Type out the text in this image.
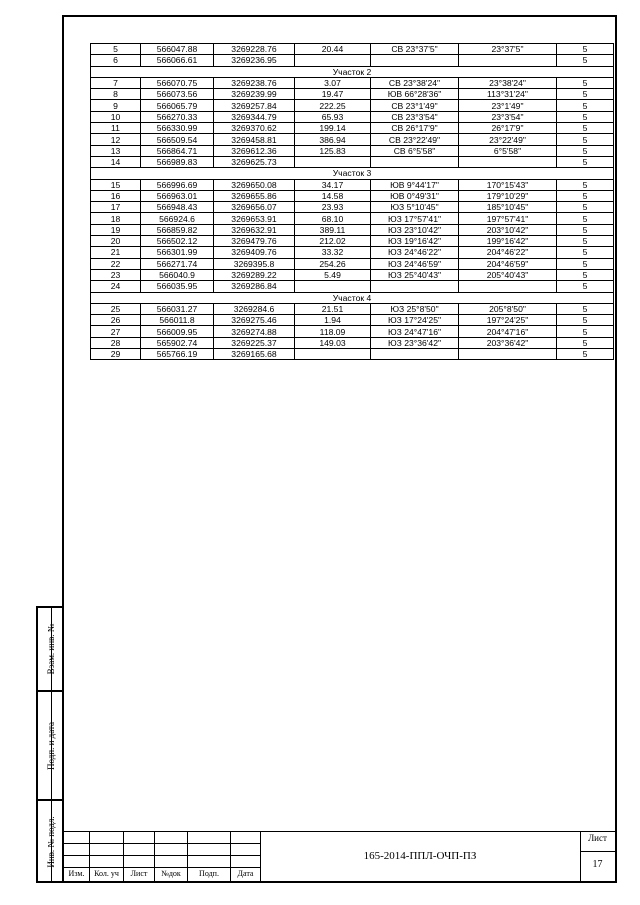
5	566047.88	3269228.76	20.44	СВ 23°37'5"	23°37'5"	5
6	566066.61	3269236.95				5
Участок 2						
7	566070.75	3269238.76	3.07	СВ 23°38'24"	23°38'24"	5
8	566073.56	3269239.99	19.47	ЮВ 66°28'36"	113°31'24"	5
9	566065.79	3269257.84	222.25	СВ 23°1'49"	23°1'49"	5
10	566270.33	3269344.79	65.93	СВ 23°3'54"	23°3'54"	5
11	566330.99	3269370.62	199.14	СВ 26°17'9"	26°17'9"	5
12	566509.54	3269458.81	386.94	СВ 23°22'49"	23°22'49"	5
13	566864.71	3269612.36	125.83	СВ 6°5'58"	6°5'58"	5
14	566989.83	3269625.73				5
Участок 3						
15	566996.69	3269650.08	34.17	ЮВ 9°44'17"	170°15'43"	5
16	566963.01	3269655.86	14.58	ЮВ 0°49'31"	179°10'29"	5
17	566948.43	3269656.07	23.93	ЮЗ 5°10'45"	185°10'45"	5
18	566924.6	3269653.91	68.10	ЮЗ 17°57'41"	197°57'41"	5
19	566859.82	3269632.91	389.11	ЮЗ 23°10'42"	203°10'42"	5
20	566502.12	3269479.76	212.02	ЮЗ 19°16'42"	199°16'42"	5
21	566301.99	3269409.76	33.32	ЮЗ 24°46'22"	204°46'22"	5
22	566271.74	3269395.8	254.26	ЮЗ 24°46'59"	204°46'59"	5
23	566040.9	3269289.22	5.49	ЮЗ 25°40'43"	205°40'43"	5
24	566035.95	3269286.84				5
Участок 4						
25	566031.27	3269284.6	21.51	ЮЗ 25°8'50"	205°8'50"	5
26	566011.8	3269275.46	1.94	ЮЗ 17°24'25"	197°24'25"	5
27	566009.95	3269274.88	118.09	ЮЗ 24°47'16"	204°47'16"	5
28	565902.74	3269225.37	149.03	ЮЗ 23°36'42"	203°36'42"	5
29	565766.19	3269165.68				5
Взам. инв. №
Подп. и дата
Инв. № подл.
Изм.	Кол. уч	Лист	№док	Подп.	Дата
165-2014-ППЛ-ОЧП-ПЗ
Лист
17
